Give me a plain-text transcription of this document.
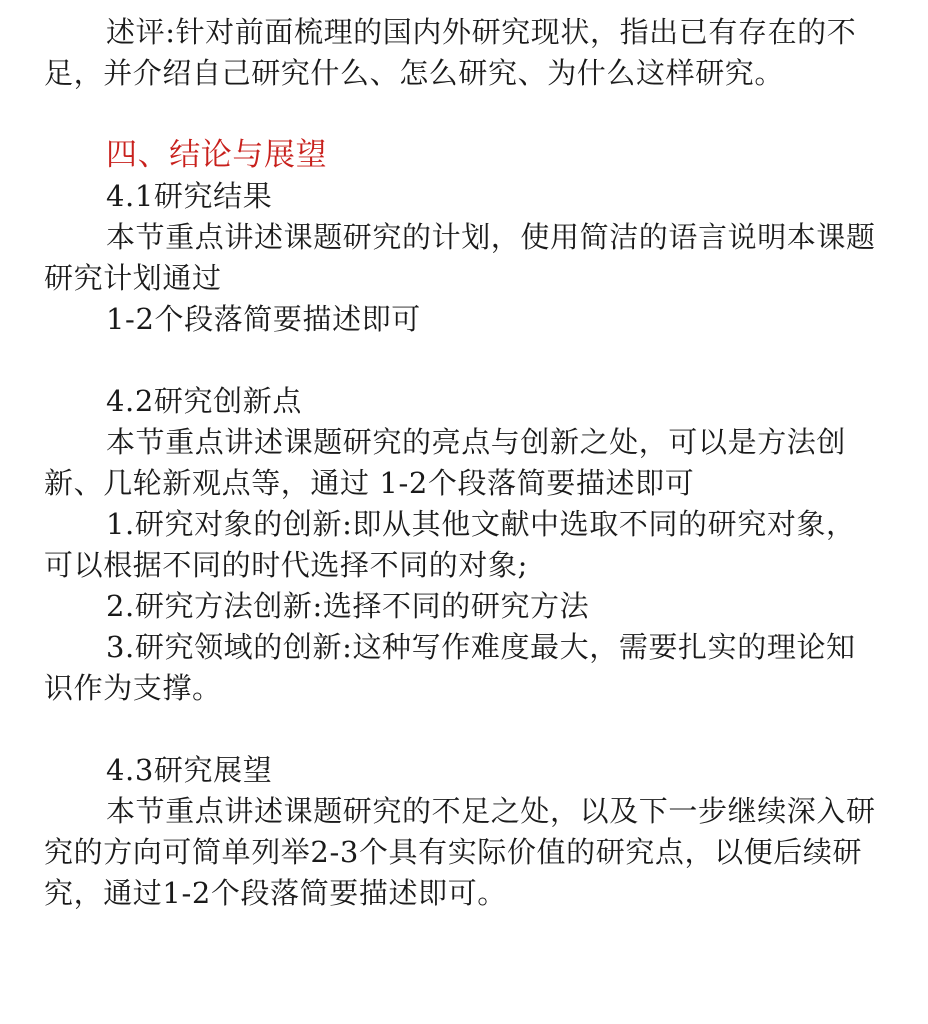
述评:针对前面梳理的国内外研究现状，指出已有存在的不足，并介绍自己研究什么、怎么研究、为什么这样研究。

四、结论与展望

4.1研究结果

本节重点讲述课题研究的计划，使用简洁的语言说明本课题研究计划通过

1-2个段落简要描述即可

4.2研究创新点

本节重点讲述课题研究的亮点与创新之处，可以是方法创新、几轮新观点等，通过 1-2个段落简要描述即可

1.研究对象的创新:即从其他文献中选取不同的研究对象，可以根据不同的时代选择不同的对象;

2.研究方法创新:选择不同的研究方法

3.研究领域的创新:这种写作难度最大，需要扎实的理论知识作为支撑。

4.3研究展望

本节重点讲述课题研究的不足之处，以及下一步继续深入研究的方向可简单列举2-3个具有实际价值的研究点，以便后续研究，通过1-2个段落简要描述即可。
